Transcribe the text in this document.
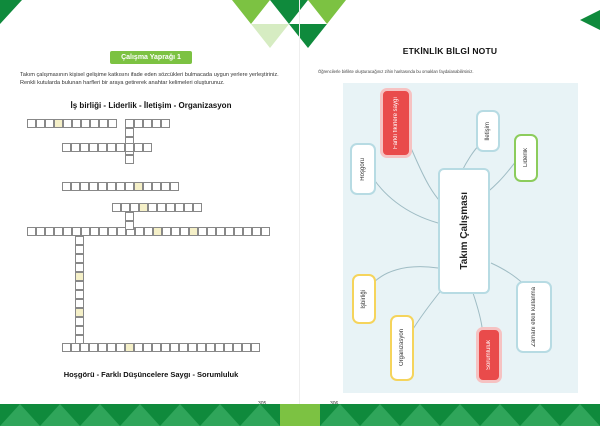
Çalışma Yaprağı 1
Takım çalışmasının kişisel gelişime katkısını ifade eden sözcükleri bulmacada uygun yerlere yerleştiriniz. Renkli kutularda bulunan harfleri bir araya getirerek anahtar kelimeleri oluşturunuz.
İş birliği - Liderlik - İletişim - Organizasyon
Hoşgörü - Farklı Düşüncelere Saygı - Sorumluluk
ETKİNLİK BİLGİ NOTU
Öğrencilerle birlikte oluşturacağınız zihin haritasında bu omakları faydalanabilirsiniz.
Farklı fikirlere saygı	İletişim
Liderlik
Hoşgörü
İşbirliği
Organizasyon	Sorumluluk
Zamanı etkili kullanma
Takım Çalışması
